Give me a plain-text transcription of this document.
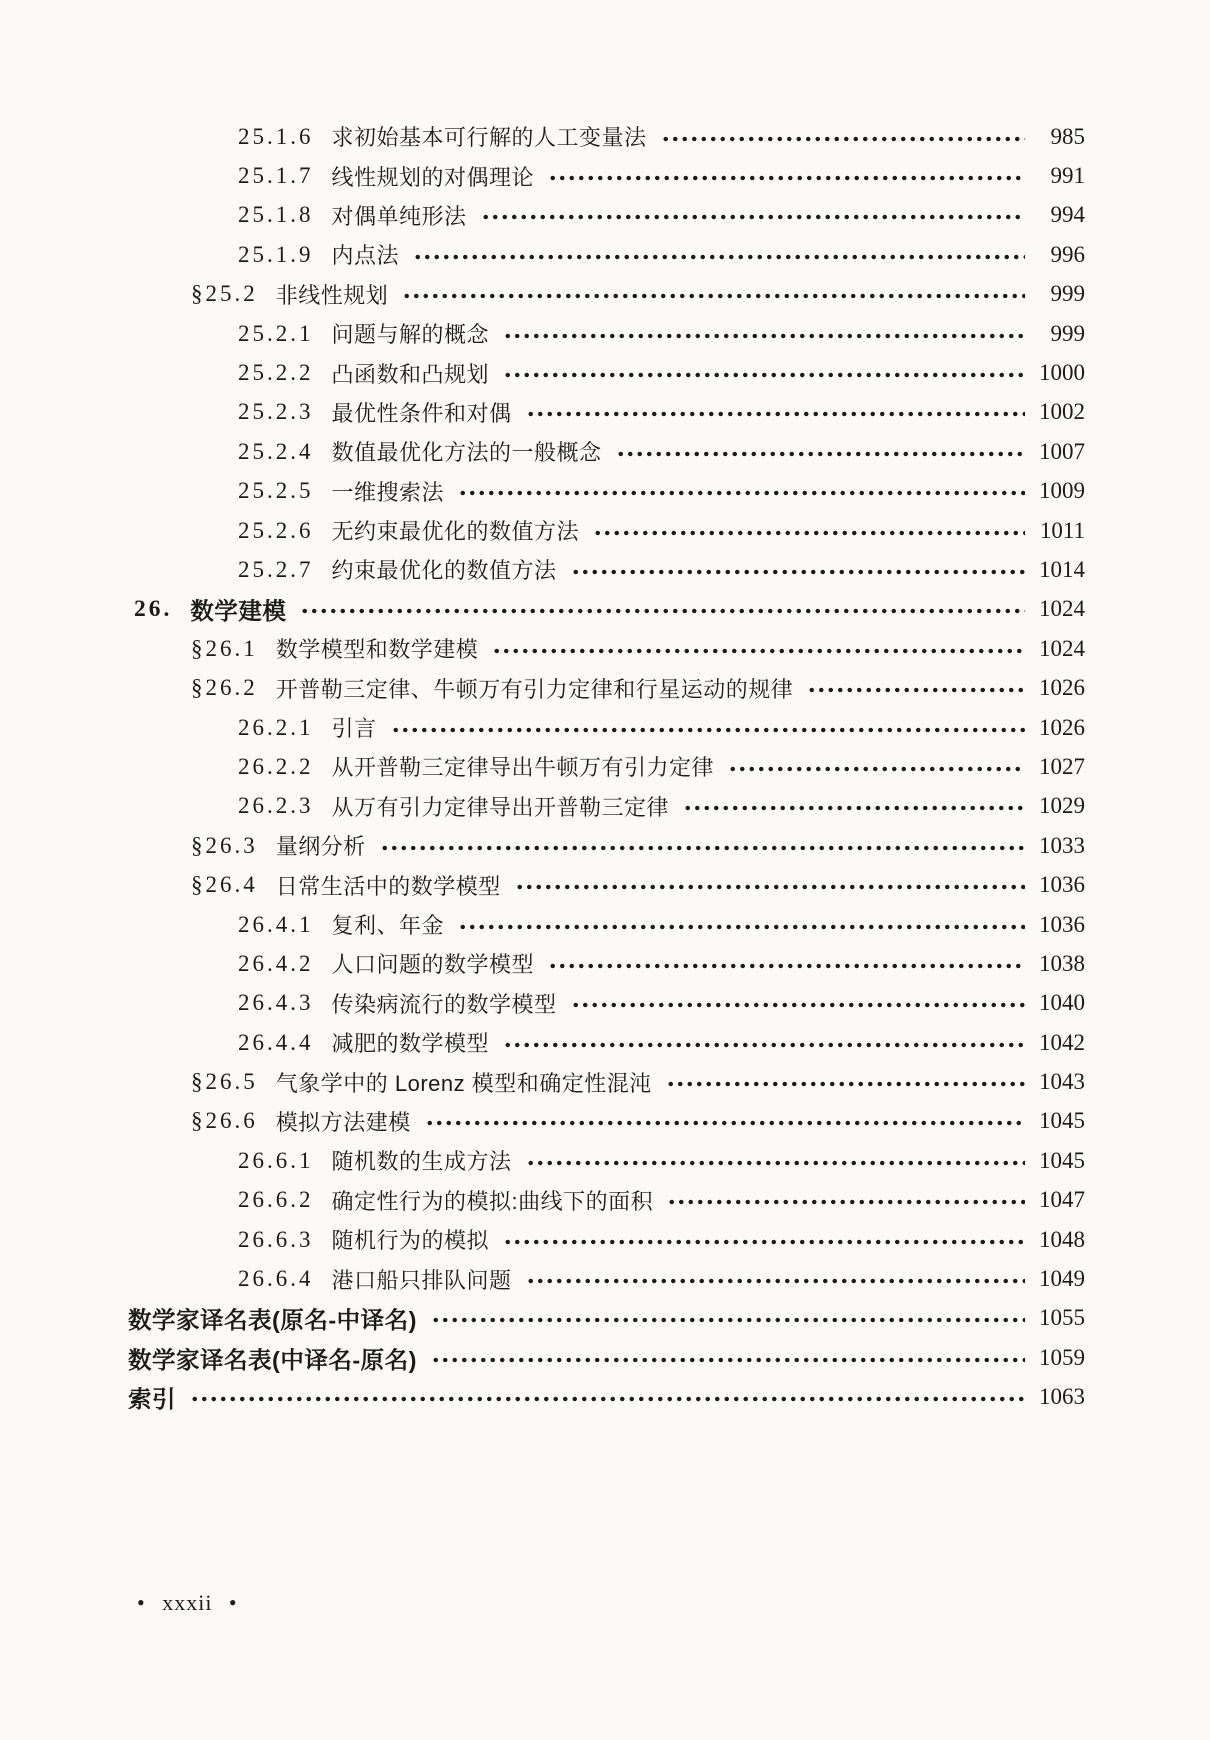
25.1.6 求初始基本可行解的人工变量法	985
25.1.7 线性规划的对偶理论	991
25.1.8 对偶单纯形法	994
25.1.9 内点法	996
§25.2 非线性规划	999
25.2.1 问题与解的概念	999
25.2.2 凸函数和凸规划	1000
25.2.3 最优性条件和对偶	1002
25.2.4 数值最优化方法的一般概念	1007
25.2.5 一维搜索法	1009
25.2.6 无约束最优化的数值方法	1011
25.2.7 约束最优化的数值方法	1014
26. 数学建模	1024
§26.1 数学模型和数学建模	1024
§26.2 开普勒三定律、牛顿万有引力定律和行星运动的规律	1026
26.2.1 引言	1026
26.2.2 从开普勒三定律导出牛顿万有引力定律	1027
26.2.3 从万有引力定律导出开普勒三定律	1029
§26.3 量纲分析	1033
§26.4 日常生活中的数学模型	1036
26.4.1 复利、年金	1036
26.4.2 人口问题的数学模型	1038
26.4.3 传染病流行的数学模型	1040
26.4.4 减肥的数学模型	1042
§26.5 气象学中的 Lorenz 模型和确定性混沌	1043
§26.6 模拟方法建模	1045
26.6.1 随机数的生成方法	1045
26.6.2 确定性行为的模拟:曲线下的面积	1047
26.6.3 随机行为的模拟	1048
26.6.4 港口船只排队问题	1049
数学家译名表(原名-中译名)	1055
数学家译名表(中译名-原名)	1059
索引	1063
• xxxii •
